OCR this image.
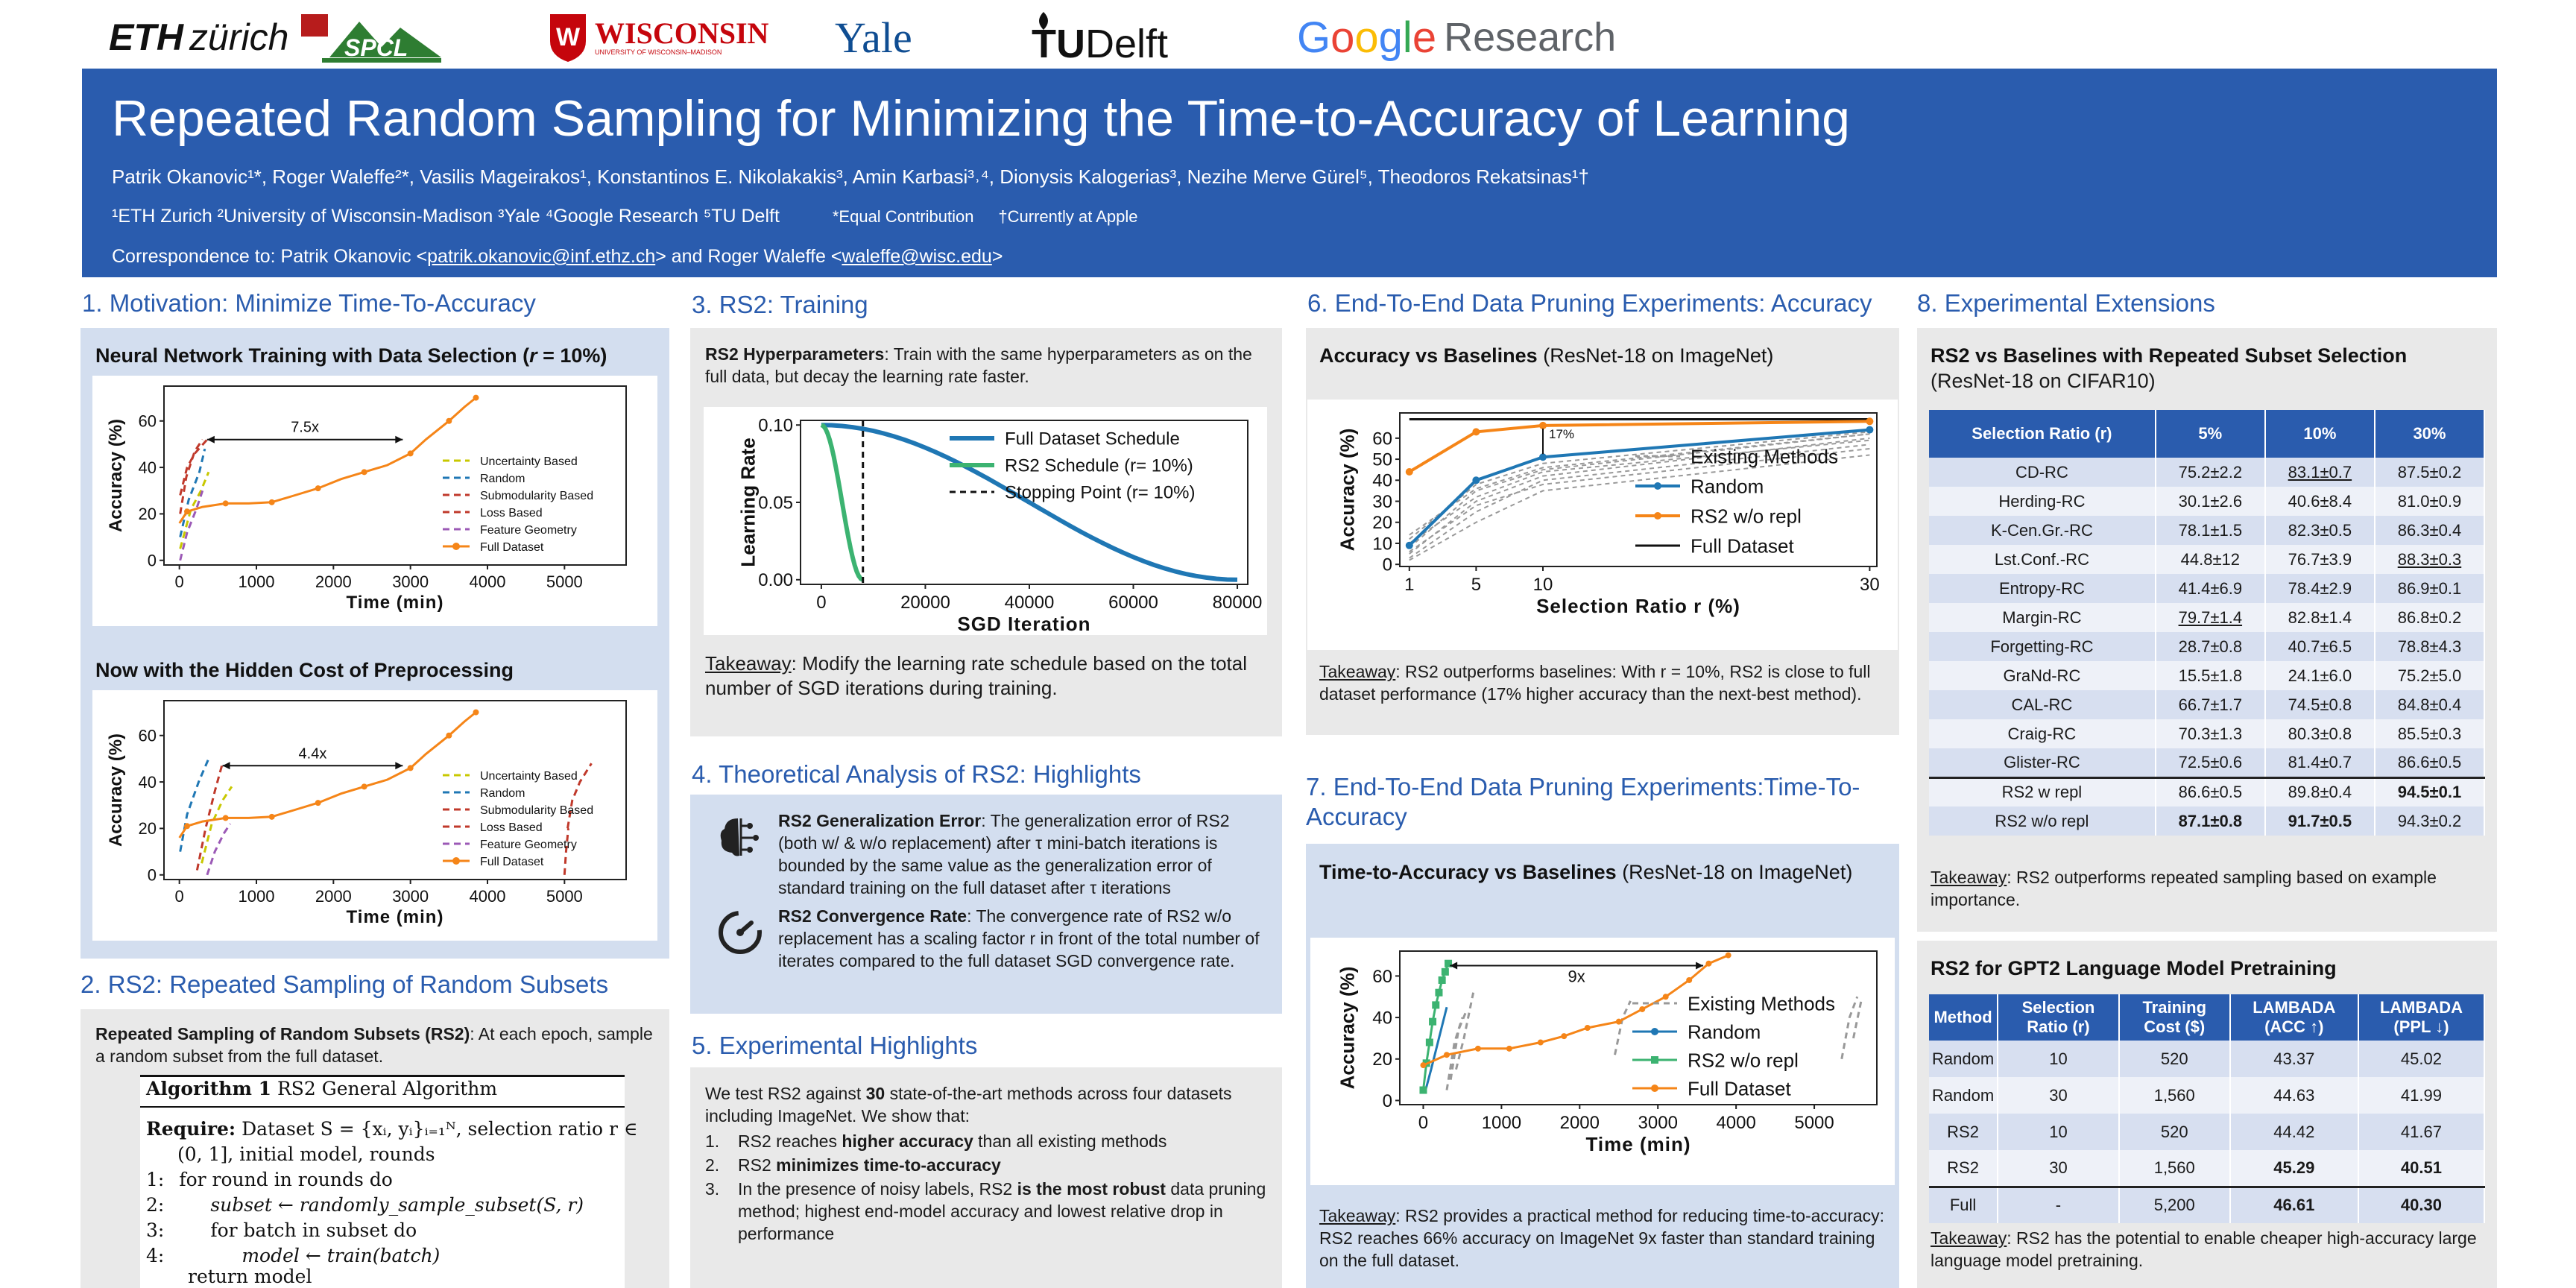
ETH zürich SPCL	W WISCONSIN
UNIVERSITY OF WISCONSIN–MADISON	Yale	TU Delft	Google Research
Repeated Random Sampling for Minimizing the Time-to-Accuracy of Learning
Patrik Okanovic¹*, Roger Waleffe²*, Vasilis Mageirakos¹, Konstantinos E. Nikolakakis³, Amin Karbasi³˒⁴, Dionysis Kalogerias³, Nezihe Merve Gürel⁵, Theodoros Rekatsinas¹†
¹ETH Zurich ²University of Wisconsin-Madison ³Yale ⁴Google Research ⁵TU Delft	*Equal Contribution †Currently at Apple
Correspondence to: Patrik Okanovic <patrik.okanovic@inf.ethz.ch> and Roger Waleffe <waleffe@wisc.edu>
1. Motivation: Minimize Time-To-Accuracy
Neural Network Training with Data Selection (r = 10%)
0	1000 2000 3000 4000 5000
0
20
40
60
Time (min)
Accuracy (%)	7.5x
Uncertainty Based
Random
Submodularity Based
Loss Based
Feature Geometry
Full Dataset
Now with the Hidden Cost of Preprocessing
0	1000 2000 3000 4000 5000
0
20
40
60
Time (min)
Accuracy (%)	4.4x
Uncertainty Based
Random
Submodularity Based
Loss Based
Feature Geometry
Full Dataset
2. RS2: Repeated Sampling of Random Subsets
Repeated Sampling of Random Subsets (RS2): At each epoch, sample a random subset from the full dataset.
Algorithm 1 RS2 General Algorithm
Require: Dataset S = {xᵢ, yᵢ}ᵢ₌₁ᴺ, selection ratio r ∈
(0, 1], initial model, rounds
1: for round in rounds do
2: subset ← randomly_sample_subset(S, r)
3: for batch in subset do
4:	model ← train(batch)
return model
3. RS2: Training
RS2 Hyperparameters: Train with the same hyperparameters as on the full data, but decay the learning rate faster.
0	20000	40000	60000	80000
0.00
0.05
0.10
SGD Iteration
Learning Rate	Full Dataset Schedule
RS2 Schedule (r= 10%)
Stopping Point (r= 10%)
Takeaway: Modify the learning rate schedule based on the total number of SGD iterations during training.
4. Theoretical Analysis of RS2: Highlights
RS2 Generalization Error: The generalization error of RS2 (both w/ & w/o replacement) after τ mini-batch iterations is bounded by the same value as the generalization error of standard training on the full dataset after τ iterations
RS2 Convergence Rate: The convergence rate of RS2 w/o replacement has a scaling factor r in front of the total number of iterates compared to the full dataset SGD convergence rate.
5. Experimental Highlights
We test RS2 against 30 state-of-the-art methods across four datasets including ImageNet. We show that:
1. RS2 reaches higher accuracy than all existing methods
2. RS2 minimizes time-to-accuracy
3. In the presence of noisy labels, RS2 is the most robust data pruning method; highest end-model accuracy and lowest relative drop in performance
6. End-To-End Data Pruning Experiments: Accuracy
Accuracy vs Baselines (ResNet-18 on ImageNet)
1	5	10	30
0
10
20
30
40
50
60
Selection Ratio r (%)
Accuracy (%)	17%
Existing Methods
Random
RS2 w/o repl
Full Dataset
Takeaway: RS2 outperforms baselines: With r = 10%, RS2 is close to full dataset performance (17% higher accuracy than the next-best method).
7. End-To-End Data Pruning Experiments:Time-To-Accuracy
Time-to-Accuracy vs Baselines (ResNet-18 on ImageNet)
0	1000 2000 3000 4000 5000
0
20
40
60
Time (min)
Accuracy (%)	9x
Existing Methods
Random
RS2 w/o repl
Full Dataset
Takeaway: RS2 provides a practical method for reducing time-to-accuracy: RS2 reaches 66% accuracy on ImageNet 9x faster than standard training on the full dataset.
8. Experimental Extensions
RS2 vs Baselines with Repeated Subset Selection
(ResNet-18 on CIFAR10)
Selection Ratio (r)	5%	10%	30%
CD-RC	75.2±2.2	83.1±0.7	87.5±0.2
Herding-RC	30.1±2.6	40.6±8.4	81.0±0.9
K-Cen.Gr.-RC	78.1±1.5	82.3±0.5	86.3±0.4
Lst.Conf.-RC	44.8±12	76.7±3.9	88.3±0.3
Entropy-RC	41.4±6.9	78.4±2.9	86.9±0.1
Margin-RC	79.7±1.4	82.8±1.4	86.8±0.2
Forgetting-RC	28.7±0.8	40.7±6.5	78.8±4.3
GraNd-RC	15.5±1.8	24.1±6.0	75.2±5.0
CAL-RC	66.7±1.7	74.5±0.8	84.8±0.4
Craig-RC	70.3±1.3	80.3±0.8	85.5±0.3
Glister-RC	72.5±0.6	81.4±0.7	86.6±0.5
RS2 w repl	86.6±0.5	89.8±0.4	94.5±0.1
RS2 w/o repl	87.1±0.8	91.7±0.5	94.3±0.2
Takeaway: RS2 outperforms repeated sampling based on example importance.
RS2 for GPT2 Language Model Pretraining
Method	Selection Ratio (r)	Training Cost ($)	LAMBADA (ACC ↑)	LAMBADA (PPL ↓)
Random	10	520	43.37	45.02
Random	30	1,560	44.63	41.99
RS2	10	520	44.42	41.67
RS2	30	1,560	45.29	40.51
Full	-	5,200	46.61	40.30
Takeaway: RS2 has the potential to enable cheaper high-accuracy large language model pretraining.
